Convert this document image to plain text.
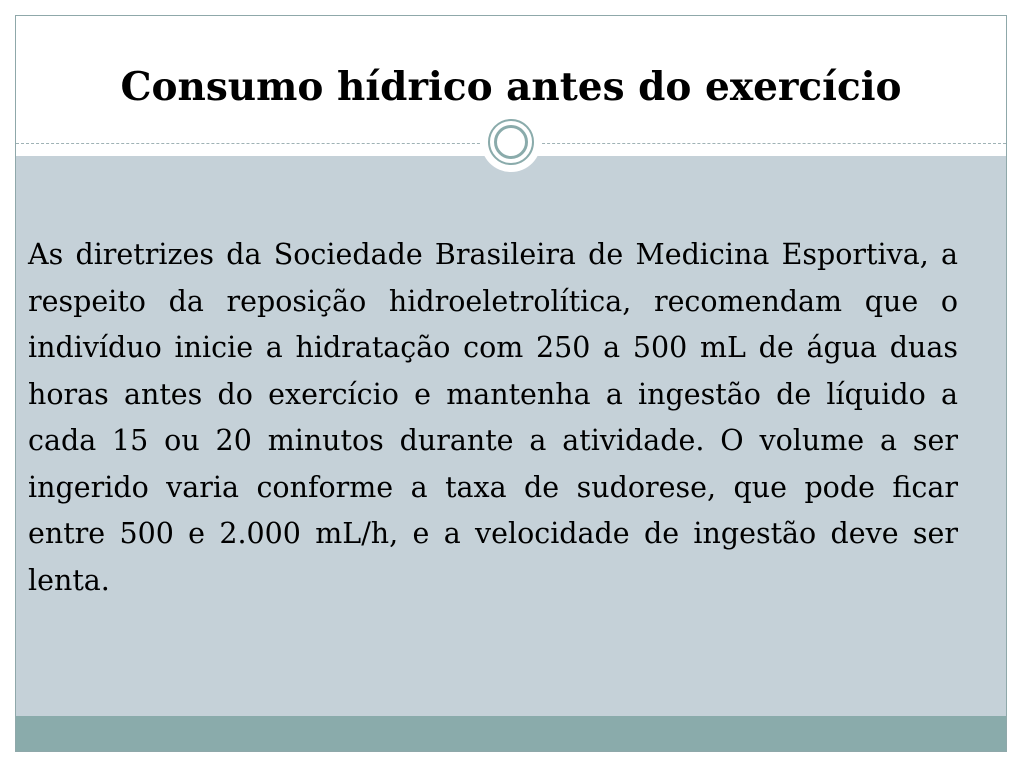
Consumo hídrico antes do exercício

As diretrizes da Sociedade Brasileira de Medicina Esportiva, a respeito da reposição hidroeletrolítica, recomendam que o indivíduo inicie a hidratação com 250 a 500 mL de água duas horas antes do exercício e mantenha a ingestão de líquido a cada 15 ou 20 minutos durante a atividade. O volume a ser ingerido varia conforme a taxa de sudorese, que pode ficar entre 500 e 2.000 mL/h, e a velocidade de ingestão deve ser lenta.
